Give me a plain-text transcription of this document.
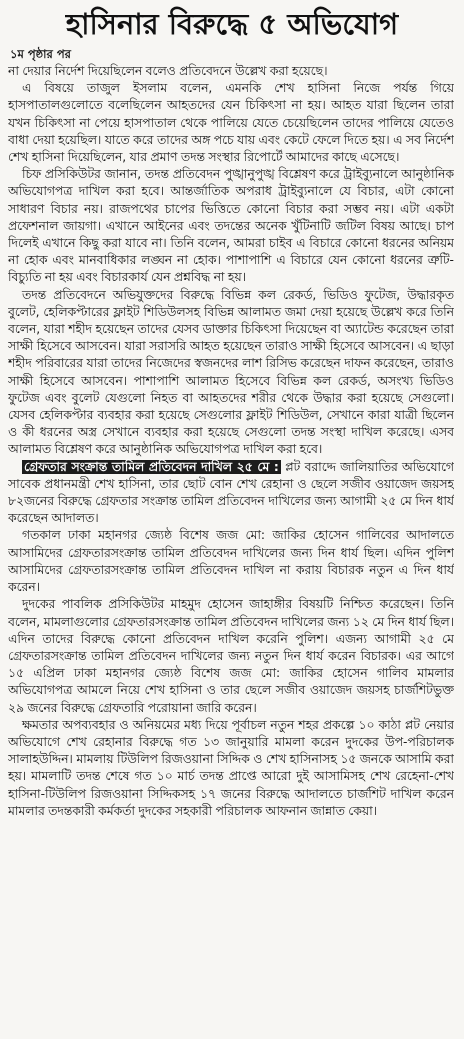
হাসিনার বিরুদ্ধে ৫ অভিযোগ
১ম পৃষ্ঠার পর

না দেয়ার নির্দেশ দিয়েছিলেন বলেও প্রতিবেদনে উল্লেখ করা হয়েছে।

এ বিষয়ে তাজুল ইসলাম বলেন, এমনকি শেখ হাসিনা নিজে পর্যন্ত গিয়ে হাসপাতালগুলোতে বলেছিলেন আহতদের যেন চিকিৎসা না হয়। আহত যারা ছিলেন তারা যখন চিকিৎসা না পেয়ে হাসপাতাল থেকে পালিয়ে যেতে চেয়েছিলেন তাদের পালিয়ে যেতেও বাধা দেয়া হয়েছিল। যাতে করে তাদের অঙ্গ পচে যায় এবং কেটে ফেলে দিতে হয়। এ সব নির্দেশ শেখ হাসিনা দিয়েছিলেন, যার প্রমাণ তদন্ত সংস্থার রিপোর্টে আমাদের কাছে এসেছে।

চিফ প্রসিকিউটর জানান, তদন্ত প্রতিবেদন পুঙ্খানুপুঙ্খ বিশ্লেষণ করে ট্রাইব্যুনালে আনুষ্ঠানিক অভিযোগপত্র দাখিল করা হবে। আন্তর্জাতিক অপরাধ ট্রাইব্যুনালে যে বিচার, এটা কোনো সাধারণ বিচার নয়। রাজপথের চাপের ভিত্তিতে কোনো বিচার করা সম্ভব নয়। এটা একটা প্রফেশনাল জায়গা। এখানে আইনের এবং তদন্তের অনেক খুঁটিনাটি জটিল বিষয় আছে। চাপ দিলেই এখানে কিছু করা যাবে না। তিনি বলেন, আমরা চাইব এ বিচারে কোনো ধরনের অনিয়ম না হোক এবং মানবাধিকার লঙ্ঘন না হোক। পাশাপাশি এ বিচারে যেন কোনো ধরনের ত্রুটি-বিচ্যুতি না হয় এবং বিচারকার্য যেন প্রশ্নবিদ্ধ না হয়।

তদন্ত প্রতিবেদনে অভিযুক্তদের বিরুদ্ধে বিভিন্ন কল রেকর্ড, ভিডিও ফুটেজ, উদ্ধারকৃত বুলেট, হেলিকপ্টারের ফ্লাইট শিডিউলসহ বিভিন্ন আলামত জমা দেয়া হয়েছে উল্লেখ করে তিনি বলেন, যারা শহীদ হয়েছেন তাদের যেসব ডাক্তার চিকিৎসা দিয়েছেন বা অ্যাটেন্ড করেছেন তারা সাক্ষী হিসেবে আসবেন। যারা সরাসরি আহত হয়েছেন তারাও সাক্ষী হিসেবে আসবেন। এ ছাড়া শহীদ পরিবারের যারা তাদের নিজেদের স্বজনদের লাশ রিসিভ করেছেন দাফন করেছেন, তারাও সাক্ষী হিসেবে আসবেন। পাশাপাশি আলামত হিসেবে বিভিন্ন কল রেকর্ড, অসংখ্য ভিডিও ফুটেজ এবং বুলেট যেগুলো নিহত বা আহতদের শরীর থেকে উদ্ধার করা হয়েছে সেগুলো। যেসব হেলিকপ্টার ব্যবহার করা হয়েছে সেগুলোর ফ্লাইট শিডিউল, সেখানে কারা যাত্রী ছিলেন ও কী ধরনের অস্ত্র সেখানে ব্যবহার করা হয়েছে সেগুলো তদন্ত সংস্থা দাখিল করেছে। এসব আলামত বিশ্লেষণ করে আনুষ্ঠানিক অভিযোগপত্র দাখিল করা হবে।

গ্রেফতার সংক্রান্ত তামিল প্রতিবেদন দাখিল ২৫ মে : প্লট বরাদ্দে জালিয়াতির অভিযোগে সাবেক প্রধানমন্ত্রী শেখ হাসিনা, তার ছোট বোন শেখ রেহানা ও ছেলে সজীব ওয়াজেদ জয়সহ ৮২জনের বিরুদ্ধে গ্রেফতার সংক্রান্ত তামিল প্রতিবেদন দাখিলের জন্য আগামী ২৫ মে দিন ধার্য করেছেন আদালত।

গতকাল ঢাকা মহানগর জ্যেষ্ঠ বিশেষ জজ মো: জাকির হোসেন গালিবের আদালতে আসামিদের গ্রেফতারসংক্রান্ত তামিল প্রতিবেদন দাখিলের জন্য দিন ধার্য ছিল। এদিন পুলিশ আসামিদের গ্রেফতারসংক্রান্ত তামিল প্রতিবেদন দাখিল না করায় বিচারক নতুন এ দিন ধার্য করেন।

দুদকের পাবলিক প্রসিকিউটর মাহমুদ হোসেন জাহাঙ্গীর বিষয়টি নিশ্চিত করেছেন। তিনি বলেন, মামলাগুলোর গ্রেফতারসংক্রান্ত তামিল প্রতিবেদন দাখিলের জন্য ১২ মে দিন ধার্য ছিল। এদিন তাদের বিরুদ্ধে কোনো প্রতিবেদন দাখিল করেনি পুলিশ। এজন্য আগামী ২৫ মে গ্রেফতারসংক্রান্ত তামিল প্রতিবেদন দাখিলের জন্য নতুন দিন ধার্য করেন বিচারক। এর আগে ১৫ এপ্রিল ঢাকা মহানগর জ্যেষ্ঠ বিশেষ জজ মো: জাকির হোসেন গালিব মামলার অভিযোগপত্র আমলে নিয়ে শেখ হাসিনা ও তার ছেলে সজীব ওয়াজেদ জয়সহ চার্জশিটভুক্ত ২৯ জনের বিরুদ্ধে গ্রেফতারি পরোয়ানা জারি করেন।

ক্ষমতার অপব্যবহার ও অনিয়মের মধ্য দিয়ে পূর্বাচল নতুন শহর প্রকল্পে ১০ কাঠা প্লট নেয়ার অভিযোগে শেখ রেহানার বিরুদ্ধে গত ১৩ জানুয়ারি মামলা করেন দুদকের উপ-পরিচালক সালাহউদ্দিন। মামলায় টিউলিপ রিজওয়ানা সিদ্দিক ও শেখ হাসিনাসহ ১৫ জনকে আসামি করা হয়। মামলাটি তদন্ত শেষে গত ১০ মার্চ তদন্ত প্রাপ্তে আরো দুই আসামিসহ শেখ রেহেনা-শেখ হাসিনা-টিউলিপ রিজওয়ানা সিদ্দিকসহ ১৭ জনের বিরুদ্ধে আদালতে চার্জশিট দাখিল করেন মামলার তদন্তকারী কর্মকর্তা দুদকের সহকারী পরিচালক আফনান জান্নাত কেয়া।
